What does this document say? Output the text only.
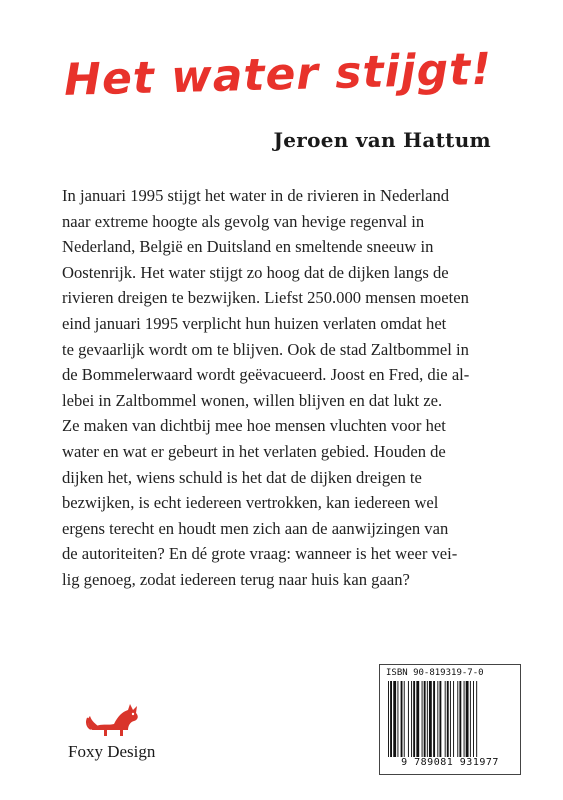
Het water stijgt!
Jeroen van Hattum
In januari 1995 stijgt het water in de rivieren in Nederland
naar extreme hoogte als gevolg van hevige regenval in
Nederland, België en Duitsland en smeltende sneeuw in
Oostenrijk. Het water stijgt zo hoog dat de dijken langs de
rivieren dreigen te bezwijken. Liefst 250.000 mensen moeten
eind januari 1995 verplicht hun huizen verlaten omdat het
te gevaarlijk wordt om te blijven. Ook de stad Zaltbommel in
de Bommelerwaard wordt geëvacueerd. Joost en Fred, die al-
lebei in Zaltbommel wonen, willen blijven en dat lukt ze.
Ze maken van dichtbij mee hoe mensen vluchten voor het
water en wat er gebeurt in het verlaten gebied. Houden de
dijken het, wiens schuld is het dat de dijken dreigen te
bezwijken, is echt iedereen vertrokken, kan iedereen wel
ergens terecht en houdt men zich aan de aanwijzingen van
de autoriteiten? En dé grote vraag: wanneer is het weer vei-
lig genoeg, zodat iedereen terug naar huis kan gaan?
Foxy Design
ISBN 90-819319-7-0
9 789081 931977
